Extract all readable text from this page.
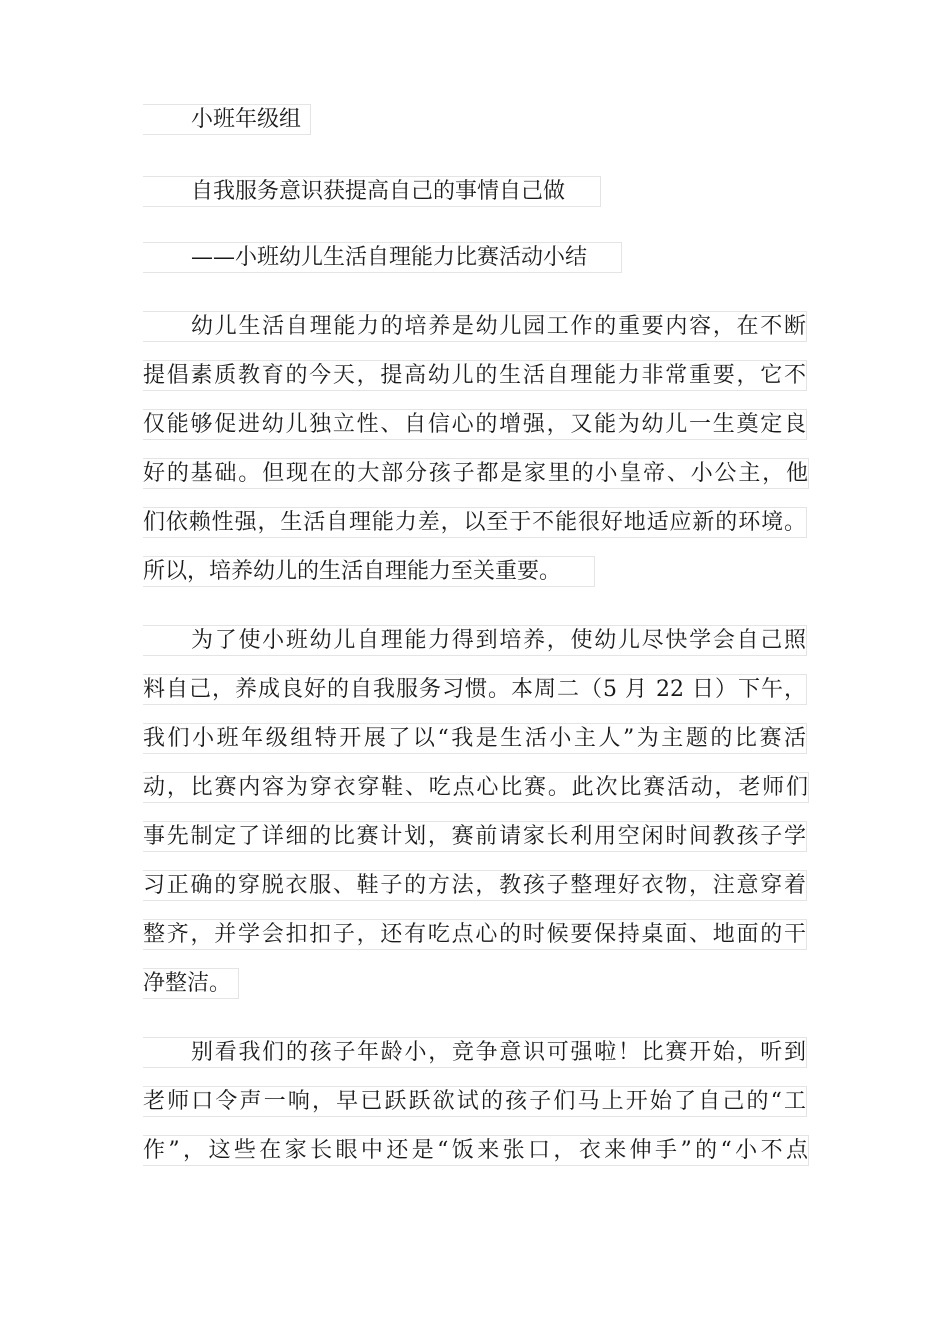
小班年级组
自我服务意识获提高自己的事情自己做
——小班幼儿生活自理能力比赛活动小结
幼儿生活自理能力的培养是幼儿园工作的重要内容，在不断
提倡素质教育的今天，提高幼儿的生活自理能力非常重要，它不
仅能够促进幼儿独立性、自信心的增强，又能为幼儿一生奠定良
好的基础。但现在的大部分孩子都是家里的小皇帝、小公主，他
们依赖性强，生活自理能力差，以至于不能很好地适应新的环境。
所以，培养幼儿的生活自理能力至关重要。
为了使小班幼儿自理能力得到培养，使幼儿尽快学会自己照
料自己，养成良好的自我服务习惯。本周二（5 月 22 日）下午，
我们小班年级组特开展了以“我是生活小主人”为主题的比赛活
动，比赛内容为穿衣穿鞋、吃点心比赛。此次比赛活动，老师们
事先制定了详细的比赛计划，赛前请家长利用空闲时间教孩子学
习正确的穿脱衣服、鞋子的方法，教孩子整理好衣物，注意穿着
整齐，并学会扣扣子，还有吃点心的时候要保持桌面、地面的干
净整洁。
别看我们的孩子年龄小，竞争意识可强啦！比赛开始，听到
老师口令声一响，早已跃跃欲试的孩子们马上开始了自己的“工
作”，这些在家长眼中还是“饭来张口，衣来伸手”的“小不点
